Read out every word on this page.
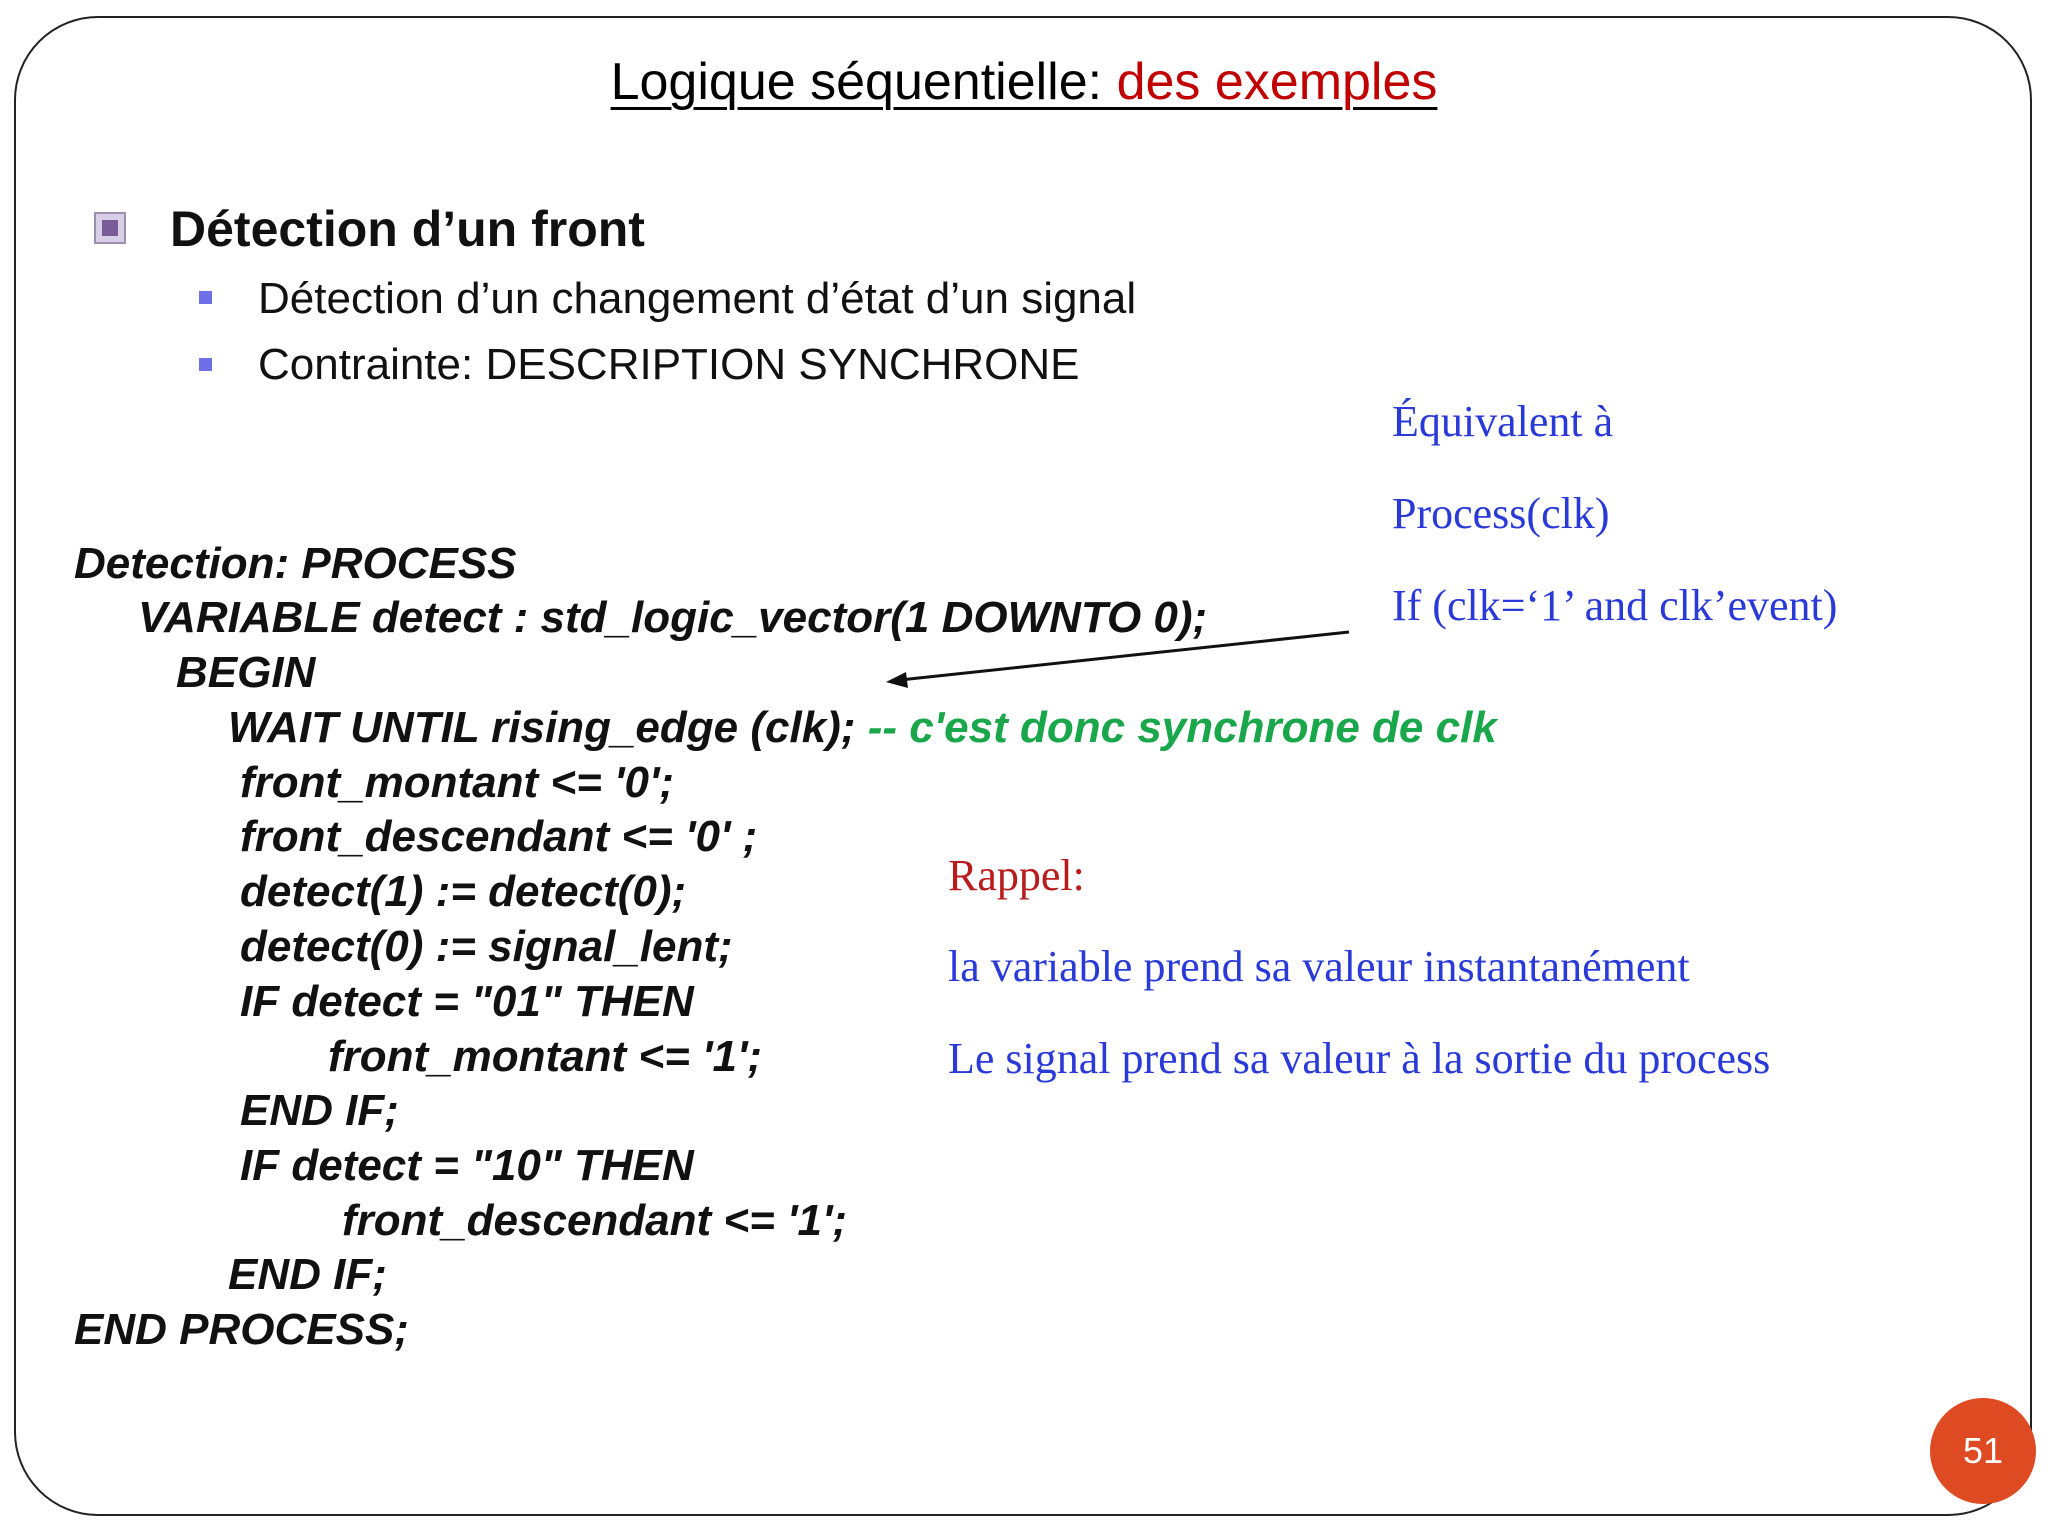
Logique séquentielle: des exemples
Détection d’un front
Détection d’un changement d’état d’un signal
Contrainte: DESCRIPTION SYNCHRONE
Équivalent à
Process(clk)
If (clk=‘1’ and clk’event)
Detection: PROCESS
VARIABLE detect : std_logic_vector(1 DOWNTO 0);
BEGIN
WAIT UNTIL rising_edge (clk); -- c'est donc synchrone de clk
front_montant <= '0';
front_descendant <= '0' ;
detect(1) := detect(0);
detect(0) := signal_lent;
IF detect = "01" THEN
front_montant <= '1';
END IF;
IF detect = "10" THEN
front_descendant <= '1';
END IF;
END PROCESS;
Rappel:
la variable prend sa valeur instantanément
Le signal prend sa valeur à la sortie du process
51
